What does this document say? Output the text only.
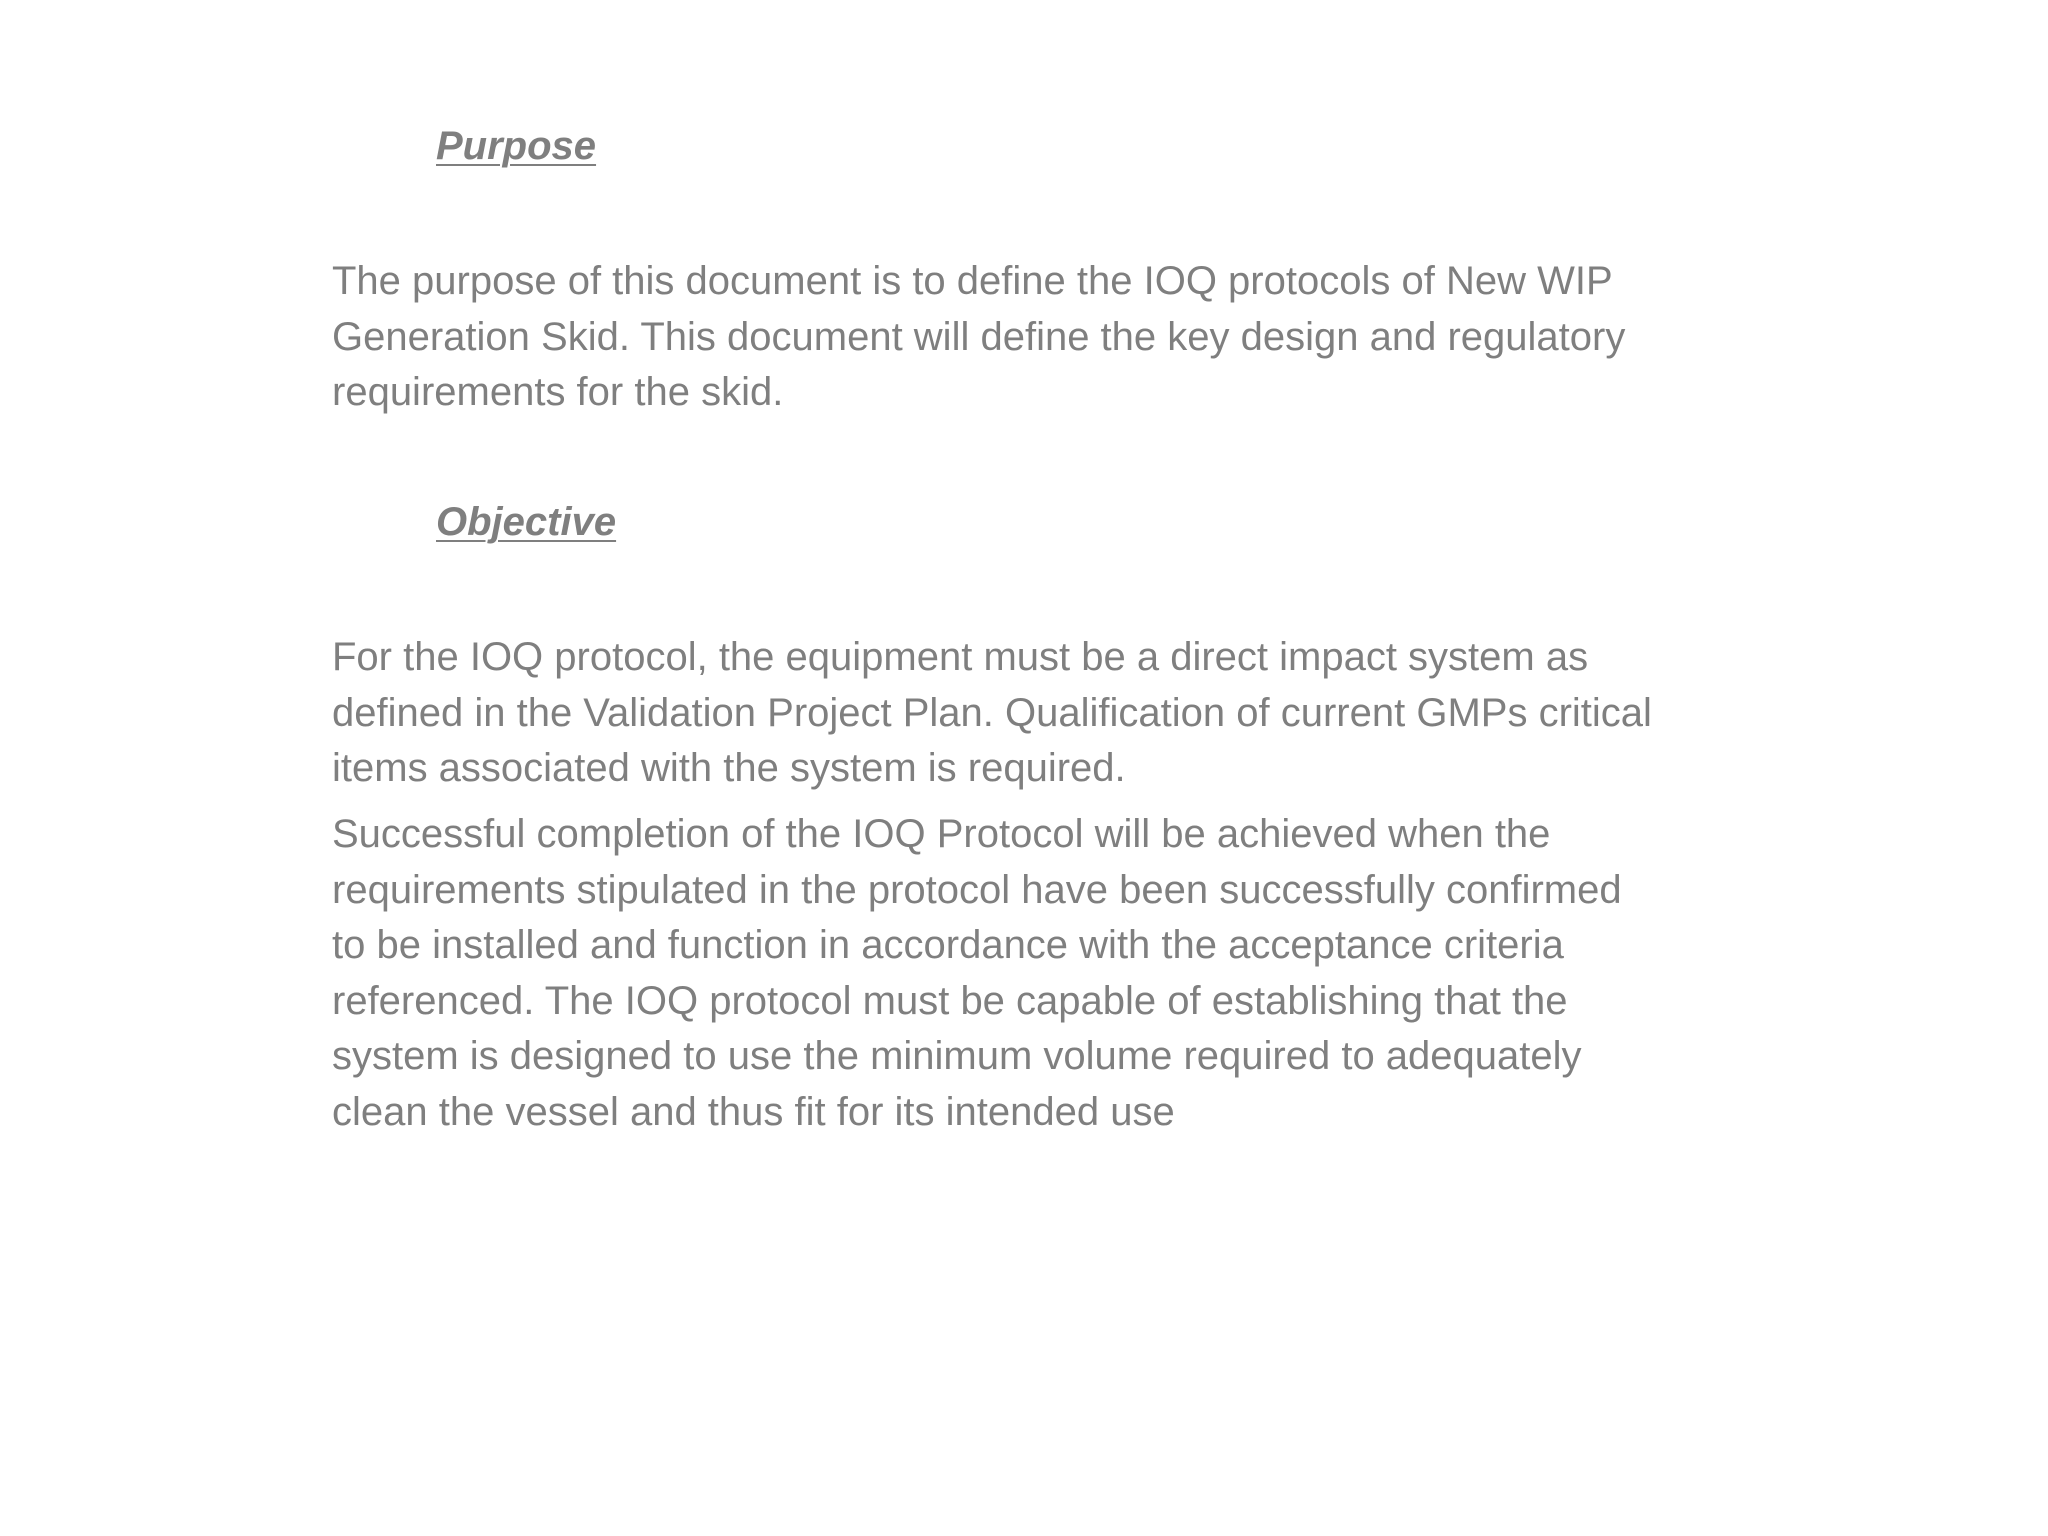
Purpose

The purpose of this document is to define the IOQ protocols of New WIP
Generation Skid. This document will define the key design and regulatory
requirements for the skid.

Objective

For the IOQ protocol, the equipment must be a direct impact system as
defined in the Validation Project Plan. Qualification of current GMPs critical
items associated with the system is required.

Successful completion of the IOQ Protocol will be achieved when the
requirements stipulated in the protocol have been successfully confirmed
to be installed and function in accordance with the acceptance criteria
referenced. The IOQ protocol must be capable of establishing that the
system is designed to use the minimum volume required to adequately
clean the vessel and thus fit for its intended use
